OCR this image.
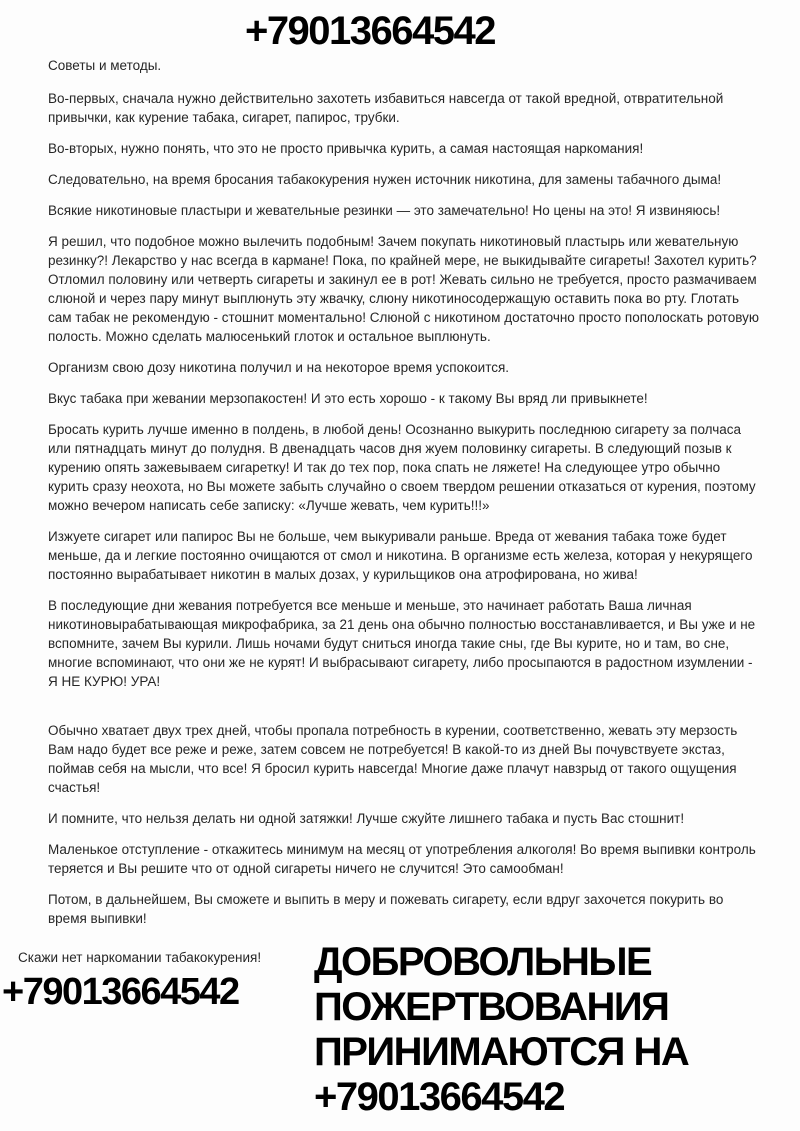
+79013664542

Советы и методы.

Во-первых, сначала нужно действительно захотеть избавиться навсегда от такой вредной, отвратительной привычки, как курение табака, сигарет, папирос, трубки.

Во-вторых, нужно понять, что это не просто привычка курить, а самая настоящая наркомания!

Следовательно, на время бросания табакокурения нужен источник никотина, для замены табачного дыма!

Всякие никотиновые пластыри и жевательные резинки — это замечательно! Но цены на это! Я извиняюсь!

Я решил, что подобное можно вылечить подобным! Зачем покупать никотиновый пластырь или жевательную резинку?! Лекарство у нас всегда в кармане! Пока, по крайней мере, не выкидывайте сигареты! Захотел курить? Отломил половину или четверть сигареты и закинул ее в рот! Жевать сильно не требуется, просто размачиваем слюной и через пару минут выплюнуть эту жвачку, слюну никотиносодержащую оставить пока во рту. Глотать сам табак не рекомендую - стошнит моментально! Слюной с никотином достаточно просто пополоскать ротовую полость. Можно сделать малюсенький глоток и остальное выплюнуть.

Организм свою дозу никотина получил и на некоторое время успокоится.

Вкус табака при жевании мерзопакостен! И это есть хорошо - к такому Вы вряд ли привыкнете!

Бросать курить лучше именно в полдень, в любой день! Осознанно выкурить последнюю сигарету за полчаса или пятнадцать минут до полудня. В двенадцать часов дня жуем половинку сигареты. В следующий позыв к курению опять зажевываем сигаретку! И так до тех пор, пока спать не ляжете! На следующее утро обычно курить сразу неохота, но Вы можете забыть случайно о своем твердом решении отказаться от курения, поэтому можно вечером написать себе записку: «Лучше жевать, чем курить!!!»

Изжуете сигарет или папирос Вы не больше, чем выкуривали раньше. Вреда от жевания табака тоже будет меньше, да и легкие постоянно очищаются от смол и никотина. В организме есть железа, которая у некурящего постоянно вырабатывает никотин в малых дозах, у курильщиков она атрофирована, но жива!

В последующие дни жевания потребуется все меньше и меньше, это начинает работать Ваша личная никотиновырабатывающая микрофабрика, за 21 день она обычно полностью восстанавливается, и Вы уже и не вспомните, зачем Вы курили. Лишь ночами будут сниться иногда такие сны, где Вы курите, но и там, во сне, многие вспоминают, что они же не курят! И выбрасывают сигарету, либо просыпаются в радостном изумлении - Я НЕ КУРЮ! УРА!

Обычно хватает двух трех дней, чтобы пропала потребность в курении, соответственно, жевать эту мерзость Вам надо будет все реже и реже, затем совсем не потребуется! В какой-то из дней Вы почувствуете экстаз, поймав себя на мысли, что все! Я бросил курить навсегда! Многие даже плачут навзрыд от такого ощущения счастья!

И помните, что нельзя делать ни одной затяжки! Лучше сжуйте лишнего табака и пусть Вас стошнит!

Маленькое отступление - откажитесь минимум на месяц от употребления алкоголя! Во время выпивки контроль теряется и Вы решите что от одной сигареты ничего не случится! Это самообман!

Потом, в дальнейшем, Вы сможете и выпить в меру и пожевать сигарету, если вдруг захочется покурить во время выпивки!

Скажи нет наркомании табакокурения!
+79013664542
ДОБРОВОЛЬНЫЕ
ПОЖЕРТВОВАНИЯ
ПРИНИМАЮТСЯ НА
+79013664542
